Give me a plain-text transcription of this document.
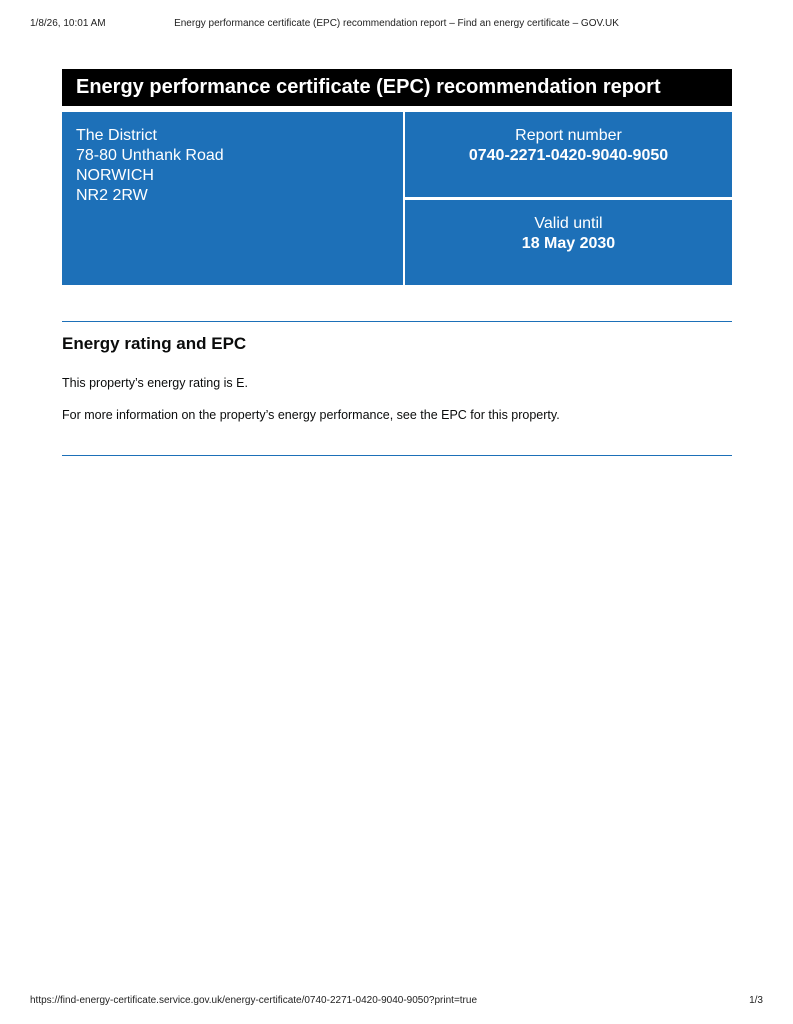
1/8/26, 10:01 AM	Energy performance certificate (EPC) recommendation report – Find an energy certificate – GOV.UK
Energy performance certificate (EPC) recommendation report
The District
78-80 Unthank Road
NORWICH
NR2 2RW
Report number
0740-2271-0420-9040-9050
Valid until
18 May 2030
Energy rating and EPC

This property’s energy rating is E.

For more information on the property’s energy performance, see the EPC for this property.

https://find-energy-certificate.service.gov.uk/energy-certificate/0740-2271-0420-9040-9050?print=true	1/3
